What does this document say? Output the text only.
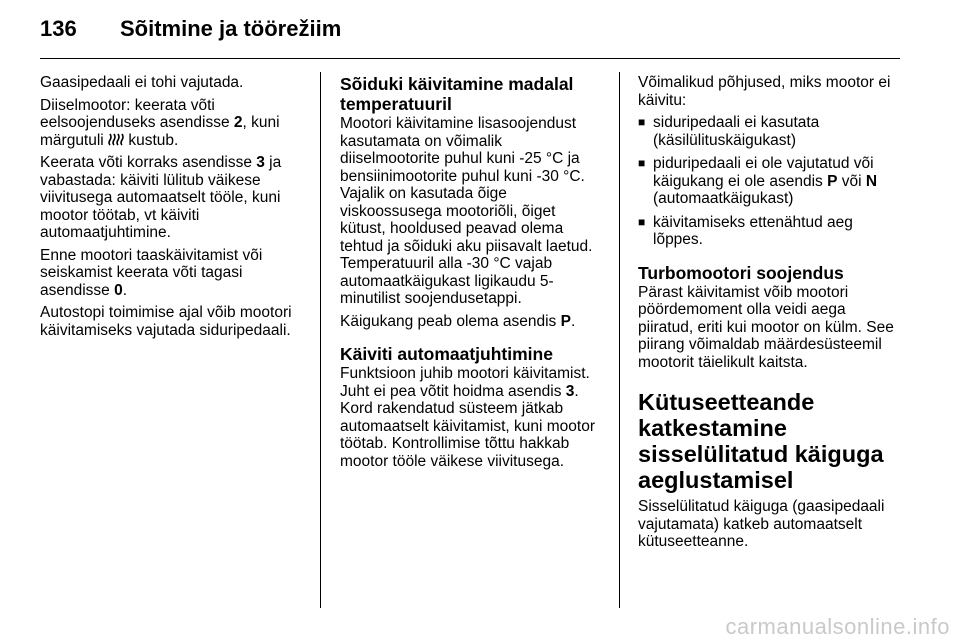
136	Sõitmine ja töörežiim

Gaasipedaali ei tohi vajutada.

Diiselmootor: keerata võti eelsoojenduseks asendisse 2, kuni märgutuli  kustub.

Keerata võti korraks asendisse 3 ja vabastada: käiviti lülitub väikese viivitusega automaatselt tööle, kuni mootor töötab, vt käiviti automaatjuhtimine.

Enne mootori taaskäivitamist või seiskamist keerata võti tagasi asendisse 0.

Autostopi toimimise ajal võib mootori käivitamiseks vajutada siduripedaali.

Sõiduki käivitamine madalal temperatuuril

Mootori käivitamine lisasoojendust kasutamata on võimalik diiselmootorite puhul kuni -25 °C ja bensiinimootorite puhul kuni -30 °C. Vajalik on kasutada õige viskoossusega mootoriõli, õiget kütust, hooldused peavad olema tehtud ja sõiduki aku piisavalt laetud. Temperatuuril alla -30 °C vajab automaatkäigukast ligikaudu 5-minutilist soojendusetappi.

Käigukang peab olema asendis P.

Käiviti automaatjuhtimine

Funktsioon juhib mootori käivitamist. Juht ei pea võtit hoidma asendis 3. Kord rakendatud süsteem jätkab automaatselt käivitamist, kuni mootor töötab. Kontrollimise tõttu hakkab mootor tööle väikese viivitusega.

Võimalikud põhjused, miks mootor ei käivitu:

■ siduripedaali ei kasutata (käsilülituskäigukast)
■ piduripedaali ei ole vajutatud või käigukang ei ole asendis P või N (automaatkäigukast)
■ käivitamiseks ettenähtud aeg lõppes.
Turbomootori soojendus

Pärast käivitamist võib mootori pöördemoment olla veidi aega piiratud, eriti kui mootor on külm. See piirang võimaldab määrdesüsteemil mootorit täielikult kaitsta.

Kütuseetteande katkestamine sisselülitatud käiguga aeglustamisel

Sisselülitatud käiguga (gaasipedaali vajutamata) katkeb automaatselt kütuseetteanne.

carmanualsonline.info
